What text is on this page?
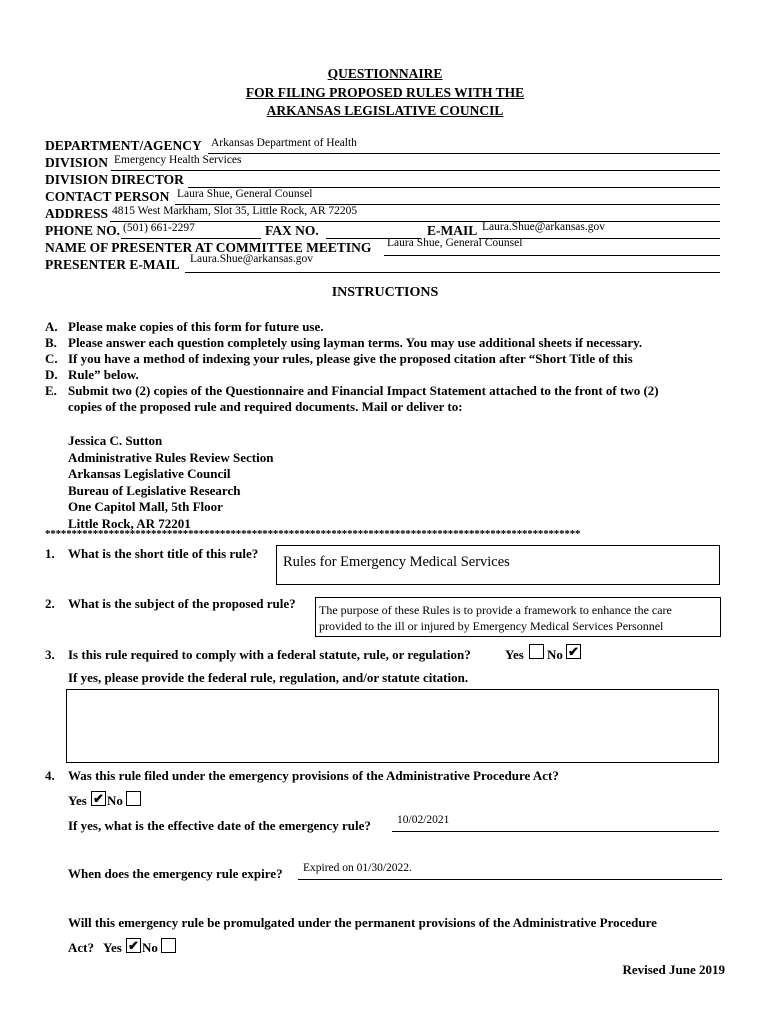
QUESTIONNAIRE
FOR FILING PROPOSED RULES WITH THE
ARKANSAS LEGISLATIVE COUNCIL
DEPARTMENT/AGENCY Arkansas Department of Health
DIVISION Emergency Health Services
DIVISION DIRECTOR
CONTACT PERSON Laura Shue, General Counsel
ADDRESS 4815 West Markham, Slot 35, Little Rock, AR 72205
PHONE NO. (501) 661-2297	FAX NO.	E-MAIL Laura.Shue@arkansas.gov
NAME OF PRESENTER AT COMMITTEE MEETING Laura Shue, General Counsel
PRESENTER E-MAIL Laura.Shue@arkansas.gov
INSTRUCTIONS
A. Please make copies of this form for future use.
B. Please answer each question completely using layman terms. You may use additional sheets if necessary.
C. If you have a method of indexing your rules, please give the proposed citation after “Short Title of this
D. Rule” below.
E. Submit two (2) copies of the Questionnaire and Financial Impact Statement attached to the front of two (2)
copies of the proposed rule and required documents. Mail or deliver to:
Jessica C. Sutton
Administrative Rules Review Section
Arkansas Legislative Council
Bureau of Legislative Research
One Capitol Mall, 5th Floor
Little Rock, AR 72201
*****************************************************************************************************
1. What is the short title of this rule?
Rules for Emergency Medical Services
2. What is the subject of the proposed rule? The purpose of these Rules is to provide a framework to enhance the care
provided to the ill or injured by Emergency Medical Services Personnel
3. Is this rule required to comply with a federal statute, rule, or regulation?	Yes No ✔
If yes, please provide the federal rule, regulation, and/or statute citation.
4. Was this rule filed under the emergency provisions of the Administrative Procedure Act?
Yes ✔ No
If yes, what is the effective date of the emergency rule? 10/02/2021
When does the emergency rule expire? Expired on 01/30/2022.
Will this emergency rule be promulgated under the permanent provisions of the Administrative Procedure
Act? Yes ✔ No
Revised June 2019
